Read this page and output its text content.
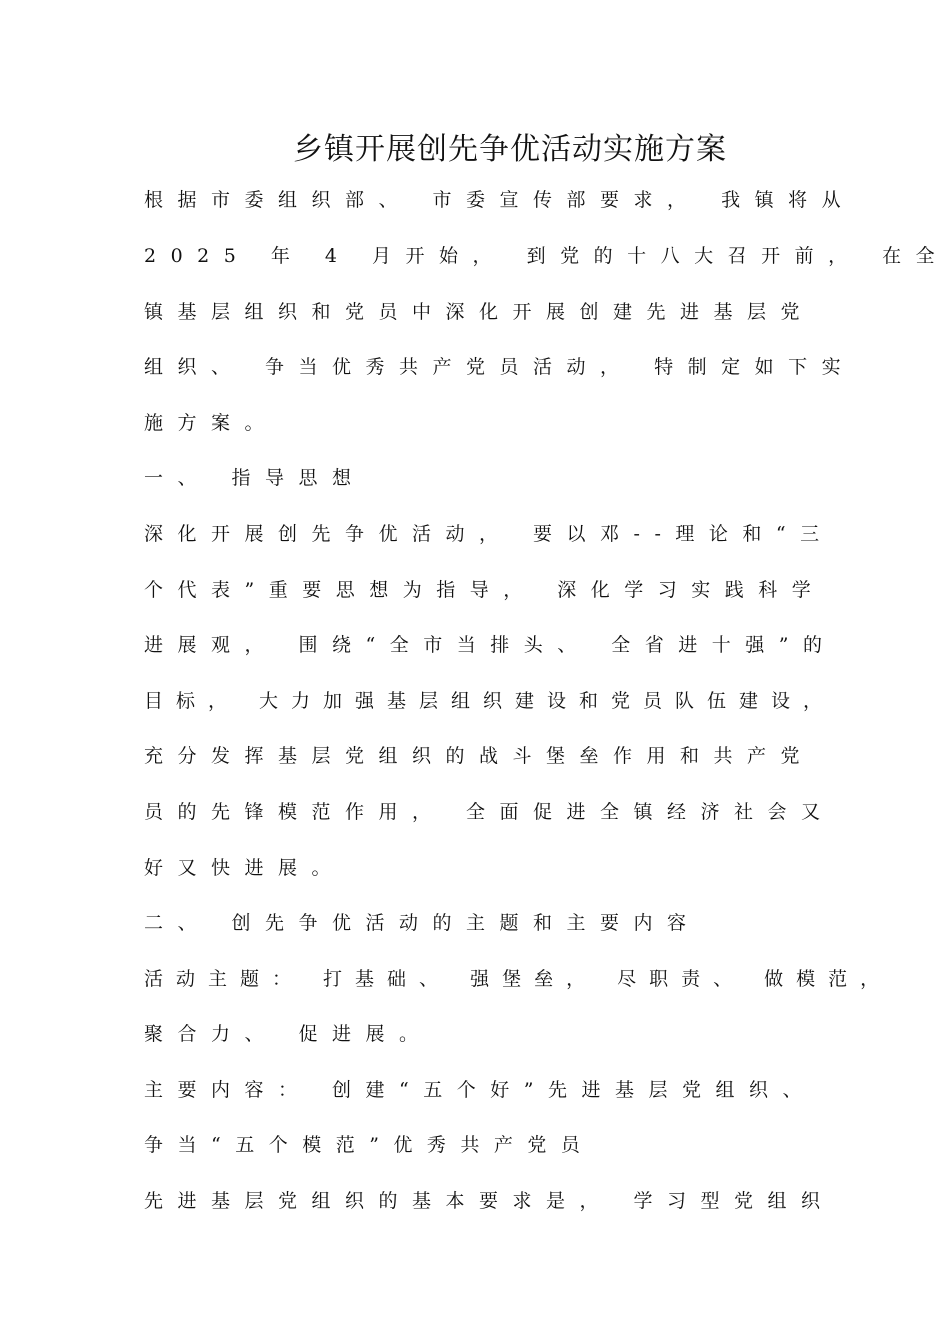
乡镇开展创先争优活动实施方案
根据市委组织部、 市委宣传部要求， 我镇将从
2025 年 4 月开始， 到党的十八大召开前， 在全
镇基层组织和党员中深化开展创建先进基层党
组织、 争当优秀共产党员活动， 特制定如下实
施方案。
一、 指导思想
深化开展创先争优活动， 要以邓--理论和“三
个代表”重要思想为指导， 深化学习实践科学
进展观， 围绕“全市当排头、 全省进十强”的
目标， 大力加强基层组织建设和党员队伍建设，
充分发挥基层党组织的战斗堡垒作用和共产党
员的先锋模范作用， 全面促进全镇经济社会又
好又快进展。
二、 创先争优活动的主题和主要内容
活动主题： 打基础、 强堡垒， 尽职责、 做模范，
聚合力、 促进展。
主要内容： 创建“五个好”先进基层党组织、
争当“五个模范”优秀共产党员
先进基层党组织的基本要求是， 学习型党组织
